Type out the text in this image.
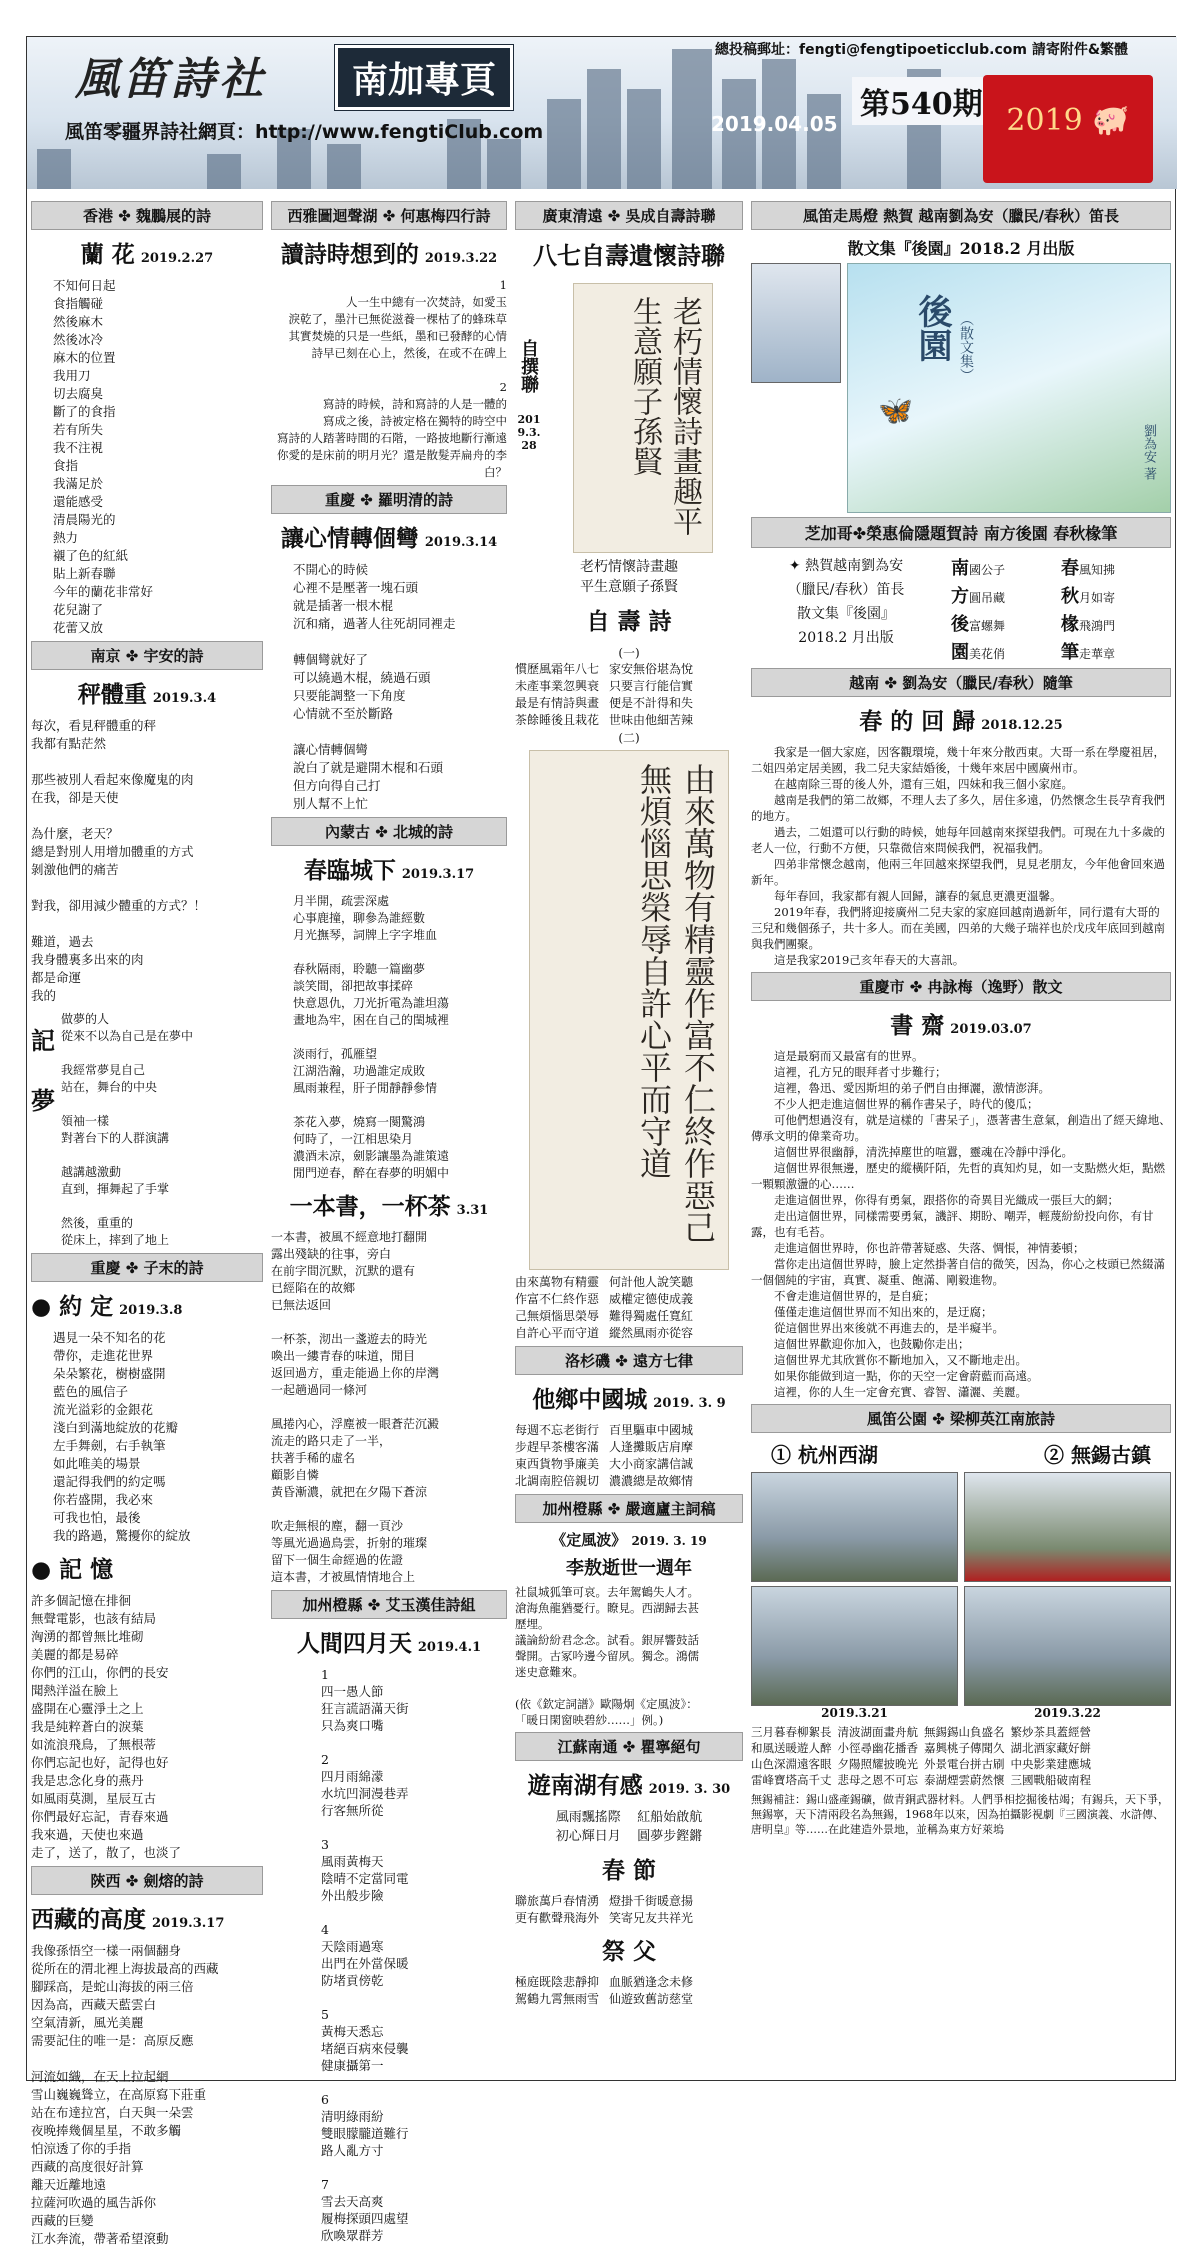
風笛詩社	南加專頁
風笛零疆界詩社網頁：http://www.fengtiClub.com
總投稿郵址：fengti@fengtipoeticclub.com 請寄附件&繁體
2019.04.05
第540期 2019 🐖
香港 ✤ 魏鵬展的詩
蘭 花 2019.2.27
不知何日起
食指觸碰
然後麻木
然後冰冷
麻木的位置
我用刀
切去腐臭
斷了的食指
若有所失
我不注視
食指
我滿足於
還能感受
清晨陽光的
熱力
襯了色的紅紙
貼上新春聯
今年的蘭花非常好
花兒謝了
花蕾又放
南京 ✤ 宇安的詩
秤體重 2019.3.4
每次，看見秤體重的秤
我都有點茫然

那些被別人看起來像魔鬼的肉
在我，卻是天使

為什麼，老天？
總是對別人用增加體重的方式
剝激他們的痛苦

對我，卻用減少體重的方式？！

難道，過去
我身體裏多出來的肉
都是命運
我的
記
夢
做夢的人
從來不以為自己是在夢中

我經常夢見自己
站在，舞台的中央

領袖一樣
對著台下的人群演講

越講越激動
直到，揮舞起了手掌

然後，重重的
從床上，摔到了地上
重慶 ✤ 子末的詩
● 約 定 2019.3.8
遇見一朵不知名的花
帶你，走進花世界
朵朵繁花，樹樹盛開
藍色的風信子
流光溢彩的金銀花
淺白到滿地綻放的花瓣
左手舞劍，右手執筆
如此唯美的場景
還記得我們的約定嗎
你若盛開，我必來
可我也怕，最後
我的路過，驚擾你的綻放
● 記 憶
許多個記憶在排徊
無聲電影，也該有結局
洶湧的都曾無比堆砌
美麗的都是易碎
你們的江山，你們的長安
聞熱洋溢在臉上
盛開在心靈淨土之上
我是純粹蒼白的淚葉
如流浪飛鳥，了無根蒂
你們忘記也好，記得也好
我是忠念化身的燕丹
如風雨莫測，星辰互古
你們最好忘記，青春來過
我來過，天使也來過
走了，送了，散了，也淡了
陝西 ✤ 劍熔的詩
西藏的高度 2019.3.17
我像孫悟空一樣一兩個翻身
從所在的渭北裡上海拔最高的西藏
腳踩高，是蛇山海拔的兩三倍
因為高，西藏天藍雲白
空氣清新，風光美麗
需要記住的唯一是：高原反應

河流如織，在天上拉起網
雪山巍巍聳立，在高原寫下莊重
站在布達拉宮，白天與一朵雲
夜晚捧幾個星星，不敢多觸
怕涼透了你的手指
西藏的高度很好計算
離天近離地遠
拉薩河吹過的風告訴你
西藏的巨變
江水奔流，帶著希望滾動
西雅圖迴聲湖 ✤ 何惠梅四行詩
讀詩時想到的 2019.3.22
1
人一生中總有一次焚詩，如愛玉
淚乾了，墨汁已無從滋養一棵枯了的蜂珠草
其實焚燒的只是一些紙，墨和已發酵的心情
詩早已刻在心上，然後，在或不在碑上

2
寫詩的時候，詩和寫詩的人是一體的
寫成之後，詩被定格在獨特的時空中
寫詩的人踏著時間的石階，一路披地斷行漸遠
你愛的是床前的明月光？還是散髮弄扁舟的李白？
重慶 ✤ 羅明清的詩
讓心情轉個彎 2019.3.14
不開心的時候
心裡不是壓著一塊石頭
就是插著一根木棍
沉和痛，過著人往死胡同裡走

轉個彎就好了
可以繞過木棍，繞過石頭
只要能調整一下角度
心情就不至於斷路

讓心情轉個彎
說白了就是避開木棍和石頭
但方向得自己打
別人幫不上忙
內蒙古 ✤ 北城的詩
春臨城下 2019.3.17
月半開，疏雲深處
心事鹿撞，聊參為誰經數
月光撫琴，詞牌上字字堆血

春秋隔雨，聆聽一篇幽夢
談笑間，卻把故事揉碎
快意恩仇，刀光折電為誰坦蕩
畫地為牢，困在自己的閨城裡

淡雨行，孤雁望
江湖浩瀚，功過誰定成敗
風雨兼程，肝子閒靜靜參情

茶花入夢，燒寫一闋驚鴻
何時了，一江相思染月
濃酒未凉，劍影讓墨為誰策遠
閒門逆春，醉在春夢的明媚中
一本書，一杯茶 3.31
一本書，被風不經意地打翻開
露出殘缺的往事，旁白
在前字間沉默，沉默的還有
已經陷在的故鄉
已無法返回

一杯茶，沏出一盞遊去的時光
喚出一縷青春的味道，閒目
返回過方，重走能過上你的岸灣
一起趟過同一條河

風捲內心，浮塵被一眼蒼茫沉澱
流走的路只走了一半，
扶著手稀的虛名
顧影自憐
黃昏漸濃，就把在夕陽下蒼涼

吹走無根的塵，翻一頁沙
等風光過過鳥雲，折射的璀璨
留下一個生命經過的佐證
這本書，才被風情情地合上
加州橙縣 ✤ 艾玉漢佳詩組
人間四月天 2019.4.1
1
四一愚人節
狂言謊語滿天街
只為爽口嘴

2
四月雨綿濛
水坑凹洞漫巷弄
行客無所從

3
風雨黃梅天
陰晴不定當同電
外出般步險

4
天陰雨過寒
出門在外當保暖
防堵貢傍乾

5
黃梅天悉忘
堵絕百病來侵襲
健康攝第一

6
清明綠雨紛
雙眼朦朧道難行
路人亂方寸

7
雪去天高爽
履梅探頭四處望
欣喚眾群芳
廣東清遠 ✤ 吳成自壽詩聯
八七自壽遺懷詩聯
自撰聯
2019.3.28	老朽情懷詩畫趣平生意願子孫賢
老朽情懷詩畫趣
平生意願子孫賢
自 壽 詩
(一)
慣歷風霜年八七
未產事業忽興衰
最是有情詩與畫
茶餘睡後且栽花
家安無俗堪為悅
只要言行能信實
便是不計得和失
世味由他細苦辣
(二)
由來萬物有精靈作富不仁終作惡己無煩惱思榮辱自許心平而守道
由來萬物有精靈
作富不仁終作惡
己無煩惱思榮辱
自許心平而守道
何計他人說笑聽
威權定德使成義
難得獨處任寬紅
縱然風雨亦從容
洛杉磯 ✤ 遠方七律
他鄉中國城 2019. 3. 9
每週不忘老街行
步趕早茶樓客滿
東西貨物爭廉美
北調南腔倍親切
百里驅車中國城
人逢攤販店肩摩
大小商家講信誠
濃濃總是故鄉情
加州橙縣 ✤ 嚴適廬主詞稿
《定風波》 2019. 3. 19
李敖逝世一週年
社鼠城狐筆可哀。去年駕鶴失人才。
滄海魚龍猶憂行。瞭見。西湖歸去甚
歷埋。
議論紛紛君念念。試看。銀屏響鼓話
聲開。古冢吟邊今留夙。獨念。鴻儒
迷史意難來。

(依《欽定詞譜》歐陽炯《定風波》：
「暖日閑窗映碧紗……」例。)
江蘇南通 ✤ 瞿寧絕句
遊南湖有感 2019. 3. 30
風雨飄搖際    紅船始啟航
初心輝日月    圓夢步鏗鏘
春 節
聯旅萬戶春情湧
更有歡聲飛海外
燈掛千街暖意揚
笑寄兄友共祥光
祭 父
極庭既陰悲靜抑
駕鶴九霄無雨雪
血脈猶逢念未修
仙遊致舊訪慈堂
風笛走馬燈 熱賀 越南劉為安（臘民/春秋）笛長
散文集『後園』2018.2 月出版
後園 （散文集）
🦋
劉為安 著
芝加哥✤榮惠倫隱題賀詩 南方後園 春秋椽筆
✦ 熱賀越南劉為安
（臘民/春秋）笛長
散文集『後園』
2018.2 月出版
南國公子	春風知拂
方圓吊藏	秋月如寄
後富螺舞	椽飛鴻門
園美花俏	筆走華章
越南 ✤ 劉為安（臘民/春秋）隨筆
春 的 回 歸 2018.12.25
　　我家是一個大家庭，因客觀環境，幾十年來分散西東。大哥一系在學慶祖居，二姐四弟定居美國，我二兒夫家結婚後，十幾年來居中國廣州市。
　　在越南除三哥的後人外，還有三姐，四妹和我三個小家庭。
　　越南是我們的第二故鄉，不理人去了多久，居住多遠，仍然懷念生長孕育我們的地方。
　　過去，二姐還可以行動的時候，她每年回越南來探望我們。可現在九十多歲的老人一位，行動不方便，只靠微信來問候我們，祝福我們。
　　四弟非常懷念越南，他兩三年回越來探望我們，見見老朋友，今年他會回來過新年。
　　每年春回，我家都有親人回歸，讓春的氣息更濃更溫馨。
　　2019年春，我們將迎接廣州二兒夫家的家庭回越南過新年，同行還有大哥的三兒和幾個孫子，共十多人。而在美國，四弟的大幾子瑞祥也於戊戌年底回到越南與我們團聚。
　　這是我家2019己亥年春天的大喜訊。
重慶市 ✤ 冉詠梅（逸野）散文
書 齋 2019.03.07
　　這是最窮而又最富有的世界。
　　這裡，孔方兄的眼拜者寸步難行；
　　這裡，魯迅、愛因斯坦的弟子們自由揮灑，激情澎湃。
　　不少人把走進這個世界的稱作書呆子，時代的傻瓜；
　　可他們想過沒有，就是這樣的「書呆子」，憑著書生意氣，創造出了經天緯地、傳承文明的偉業奇功。
　　這個世界很幽靜，清洗掉塵世的喧囂，靈魂在冷靜中淨化。
　　這個世界很無邊，歷史的縱橫阡陌，先哲的真知灼見，如一支點燃火炬，點燃一顆顆激盪的心……
　　走進這個世界，你得有勇氣，跟搭你的奇異目光織成一張巨大的網；
　　走出這個世界，同樣需要勇氣，譏評、期盼、嘲弄，輕蔑紛紛投向你，有甘露，也有毛苔。
　　走進這個世界時，你也許帶著疑惑、失落、惆悵，神情萎頓；
　　當你走出這個世界時，臉上定然掛著自信的微笑，因為，你心之枝頭已然綴滿一個個純的宇宙，真實、凝重、飽滿、剛毅進物。
　　不會走進這個世界的，是自疵；
　　僅僅走進這個世界而不知出來的，是迂腐；
　　從這個世界出來後就不再進去的，是半癡半。
　　這個世界歡迎你加入，也鼓勵你走出；
　　這個世界尤其欣賞你不斷地加入，又不斷地走出。
　　如果你能做到這一點，你的天空一定會蔚藍而高遠。
　　這裡，你的人生一定會充實、睿智、瀟灑、美麗。
風笛公園 ✤ 梁柳英江南旅詩
① 杭州西湖	② 無錫古鎮
2019.3.21	2019.3.22
三月暮春柳絮長
和風送暖遊人醉
山色深淵遠客眼
雷峰寶塔高千丈
清波湖面畫舟航
小徑尋幽花播香
夕陽照耀披晚光
悲母之恩不可忘
無錫錫山負盛名
嘉興桃子傳聞久
外景電台拼古刷
泰湖煙雲蔚然懷
繁炒茶具蓋經營
湖北酒家藏好餅
中央影業建應城
三國戰船破南程
無錫補註：錫山盛產錫礦，做青銅武器材料。人們爭相挖掘後枯竭；有錫兵，天下爭，無錫寧，天下清兩段名為無錫，1968年以來，因為拍攝影視劇『三國演義、水滸傳、唐明皇』等……在此建造外景地，並稱為東方好萊塢
